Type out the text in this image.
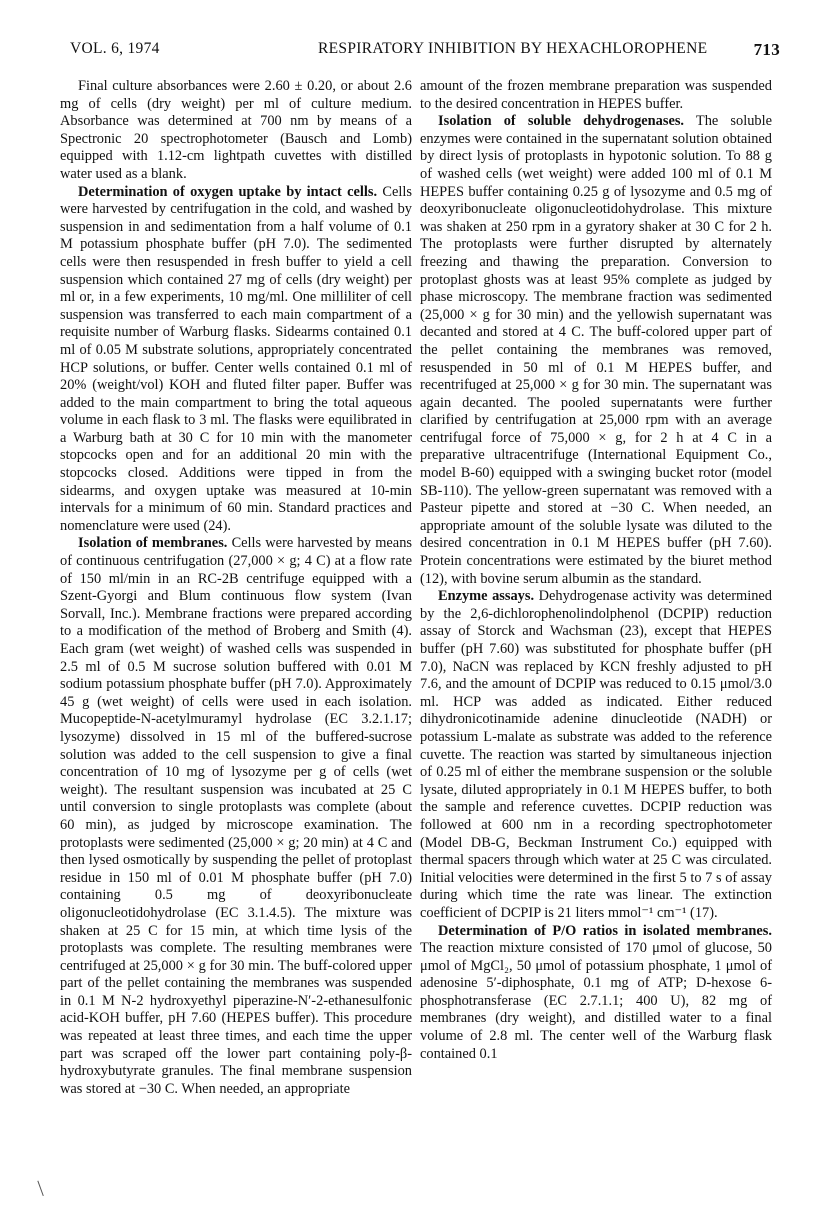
VOL. 6, 1974	RESPIRATORY INHIBITION BY HEXACHLOROPHENE	713

Final culture absorbances were 2.60 ± 0.20, or about 2.6 mg of cells (dry weight) per ml of culture medium. Absorbance was determined at 700 nm by means of a Spectronic 20 spectrophotometer (Bausch and Lomb) equipped with 1.12-cm lightpath cuvettes with distilled water used as a blank.

Determination of oxygen uptake by intact cells. Cells were harvested by centrifugation in the cold, and washed by suspension in and sedimentation from a half volume of 0.1 M potassium phosphate buffer (pH 7.0). The sedimented cells were then resuspended in fresh buffer to yield a cell suspension which contained 27 mg of cells (dry weight) per ml or, in a few experiments, 10 mg/ml. One milliliter of cell suspension was transferred to each main compartment of a requisite number of Warburg flasks. Sidearms contained 0.1 ml of 0.05 M substrate solutions, appropriately concentrated HCP solutions, or buffer. Center wells contained 0.1 ml of 20% (weight/vol) KOH and fluted filter paper. Buffer was added to the main compartment to bring the total aqueous volume in each flask to 3 ml. The flasks were equilibrated in a Warburg bath at 30 C for 10 min with the manometer stopcocks open and for an additional 20 min with the stopcocks closed. Additions were tipped in from the sidearms, and oxygen uptake was measured at 10-min intervals for a minimum of 60 min. Standard practices and nomenclature were used (24).

Isolation of membranes. Cells were harvested by means of continuous centrifugation (27,000 × g; 4 C) at a flow rate of 150 ml/min in an RC-2B centrifuge equipped with a Szent-Gyorgi and Blum continuous flow system (Ivan Sorvall, Inc.). Membrane fractions were prepared according to a modification of the method of Broberg and Smith (4). Each gram (wet weight) of washed cells was suspended in 2.5 ml of 0.5 M sucrose solution buffered with 0.01 M sodium potassium phosphate buffer (pH 7.0). Approximately 45 g (wet weight) of cells were used in each isolation. Mucopeptide-N-acetylmuramyl hydrolase (EC 3.2.1.17; lysozyme) dissolved in 15 ml of the buffered-sucrose solution was added to the cell suspension to give a final concentration of 10 mg of lysozyme per g of cells (wet weight). The resultant suspension was incubated at 25 C until conversion to single protoplasts was complete (about 60 min), as judged by microscope examination. The protoplasts were sedimented (25,000 × g; 20 min) at 4 C and then lysed osmotically by suspending the pellet of protoplast residue in 150 ml of 0.01 M phosphate buffer (pH 7.0) containing 0.5 mg of deoxyribonucleate oligonucleotidohydrolase (EC 3.1.4.5). The mixture was shaken at 25 C for 15 min, at which time lysis of the protoplasts was complete. The resulting membranes were centrifuged at 25,000 × g for 30 min. The buff-colored upper part of the pellet containing the membranes was suspended in 0.1 M N-2 hydroxyethyl piperazine-N′-2-ethanesulfonic acid-KOH buffer, pH 7.60 (HEPES buffer). This procedure was repeated at least three times, and each time the upper part was scraped off the lower part containing poly-β-hydroxybutyrate granules. The final membrane suspension was stored at −30 C. When needed, an appropriate

amount of the frozen membrane preparation was suspended to the desired concentration in HEPES buffer.

Isolation of soluble dehydrogenases. The soluble enzymes were contained in the supernatant solution obtained by direct lysis of protoplasts in hypotonic solution. To 88 g of washed cells (wet weight) were added 100 ml of 0.1 M HEPES buffer containing 0.25 g of lysozyme and 0.5 mg of deoxyribonucleate oligonucleotidohydrolase. This mixture was shaken at 250 rpm in a gyratory shaker at 30 C for 2 h. The protoplasts were further disrupted by alternately freezing and thawing the preparation. Conversion to protoplast ghosts was at least 95% complete as judged by phase microscopy. The membrane fraction was sedimented (25,000 × g for 30 min) and the yellowish supernatant was decanted and stored at 4 C. The buff-colored upper part of the pellet containing the membranes was removed, resuspended in 50 ml of 0.1 M HEPES buffer, and recentrifuged at 25,000 × g for 30 min. The supernatant was again decanted. The pooled supernatants were further clarified by centrifugation at 25,000 rpm with an average centrifugal force of 75,000 × g, for 2 h at 4 C in a preparative ultracentrifuge (International Equipment Co., model B-60) equipped with a swinging bucket rotor (model SB-110). The yellow-green supernatant was removed with a Pasteur pipette and stored at −30 C. When needed, an appropriate amount of the soluble lysate was diluted to the desired concentration in 0.1 M HEPES buffer (pH 7.60). Protein concentrations were estimated by the biuret method (12), with bovine serum albumin as the standard.

Enzyme assays. Dehydrogenase activity was determined by the 2,6-dichlorophenolindolphenol (DCPIP) reduction assay of Storck and Wachsman (23), except that HEPES buffer (pH 7.60) was substituted for phosphate buffer (pH 7.0), NaCN was replaced by KCN freshly adjusted to pH 7.6, and the amount of DCPIP was reduced to 0.15 μmol/3.0 ml. HCP was added as indicated. Either reduced dihydronicotinamide adenine dinucleotide (NADH) or potassium L-malate as substrate was added to the reference cuvette. The reaction was started by simultaneous injection of 0.25 ml of either the membrane suspension or the soluble lysate, diluted appropriately in 0.1 M HEPES buffer, to both the sample and reference cuvettes. DCPIP reduction was followed at 600 nm in a recording spectrophotometer (Model DB-G, Beckman Instrument Co.) equipped with thermal spacers through which water at 25 C was circulated. Initial velocities were determined in the first 5 to 7 s of assay during which time the rate was linear. The extinction coefficient of DCPIP is 21 liters mmol⁻¹ cm⁻¹ (17).

Determination of P/O ratios in isolated membranes. The reaction mixture consisted of 170 μmol of glucose, 50 μmol of MgCl₂, 50 μmol of potassium phosphate, 1 μmol of adenosine 5′-diphosphate, 0.1 mg of ATP; D-hexose 6-phosphotransferase (EC 2.7.1.1; 400 U), 82 mg of membranes (dry weight), and distilled water to a final volume of 2.8 ml. The center well of the Warburg flask contained 0.1
